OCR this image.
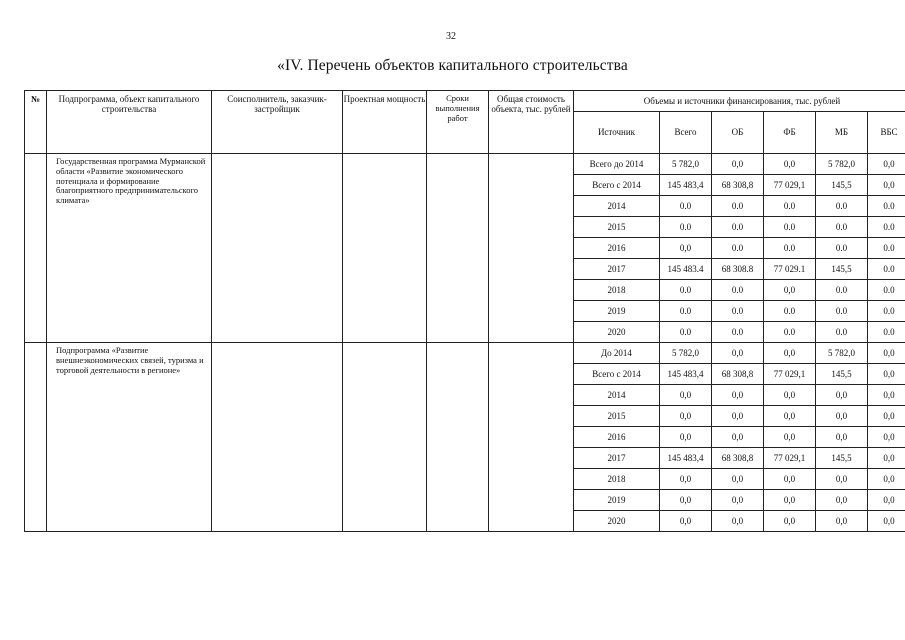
32
«IV. Перечень объектов капитального строительства
№	Подпрограмма, объект капитального строительства	Соисполнитель, заказчик-застройщик	Проектная мощность	Сроки выполнения работ	Общая стоимость объекта, тыс. рублей	Объемы и источники финансирования, тыс. рублей					
						Источник	Всего	ОБ	ФБ	МБ	ВБС
	Государственная программа Мурманской области «Развитие экономического потенциала и формирование благоприятного предпринимательского климата»					Всего до 2014	5 782,0	0,0	0,0	5 782,0	0,0
						Всего с 2014	145 483,4	68 308,8	77 029,1	145,5	0,0
						2014	0.0	0.0	0.0	0.0	0.0
						2015	0.0	0.0	0.0	0.0	0.0
						2016	0,0	0.0	0.0	0.0	0.0
						2017	145 483.4	68 308.8	77 029.1	145,5	0.0
						2018	0.0	0.0	0,0	0.0	0.0
						2019	0.0	0.0	0.0	0.0	0.0
						2020	0.0	0.0	0.0	0.0	0.0
	Подпрограмма «Развитие внешнеэкономических связей, туризма и торговой деятельности в регионе»					До 2014	5 782,0	0,0	0,0	5 782,0	0,0
						Всего с 2014	145 483,4	68 308,8	77 029,1	145,5	0,0
						2014	0,0	0,0	0,0	0,0	0,0
						2015	0,0	0,0	0,0	0,0	0,0
						2016	0,0	0,0	0,0	0,0	0,0
						2017	145 483,4	68 308,8	77 029,1	145,5	0,0
						2018	0,0	0,0	0,0	0,0	0,0
						2019	0,0	0,0	0,0	0,0	0,0
						2020	0,0	0,0	0,0	0,0	0,0
